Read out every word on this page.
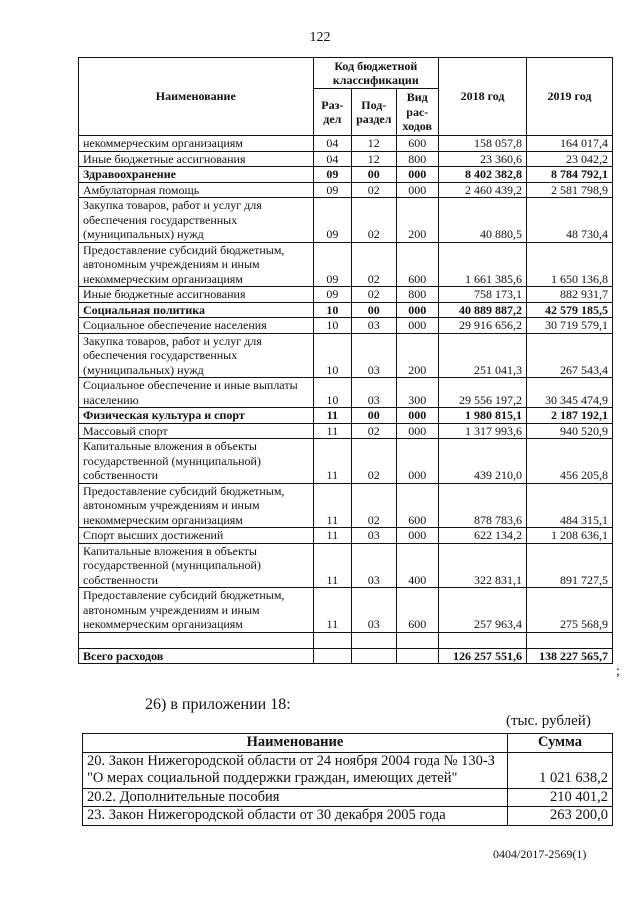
122
Наименование	Код бюджетной классификации			2018 год	2019 год
	Раз-дел	Под-раздел	Вид рас-ходов		
некоммерческим организациям	04	12	600	158 057,8	164 017,4
Иные бюджетные ассигнования	04	12	800	23 360,6	23 042,2
Здравоохранение	09	00	000	8 402 382,8	8 784 792,1
Амбулаторная помощь	09	02	000	2 460 439,2	2 581 798,9
Закупка товаров, работ и услуг для обеспечения государственных (муниципальных) нужд	09	02	200	40 880,5	48 730,4
Предоставление субсидий бюджетным, автономным учреждениям и иным некоммерческим организациям	09	02	600	1 661 385,6	1 650 136,8
Иные бюджетные ассигнования	09	02	800	758 173,1	882 931,7
Социальная политика	10	00	000	40 889 887,2	42 579 185,5
Социальное обеспечение населения	10	03	000	29 916 656,2	30 719 579,1
Закупка товаров, работ и услуг для обеспечения государственных (муниципальных) нужд	10	03	200	251 041,3	267 543,4
Социальное обеспечение и иные выплаты населению	10	03	300	29 556 197,2	30 345 474,9
Физическая культура и спорт	11	00	000	1 980 815,1	2 187 192,1
Массовый спорт	11	02	000	1 317 993,6	940 520,9
Капитальные вложения в объекты государственной (муниципальной) собственности	11	02	000	439 210,0	456 205,8
Предоставление субсидий бюджетным, автономным учреждениям и иным некоммерческим организациям	11	02	600	878 783,6	484 315,1
Спорт высших достижений	11	03	000	622 134,2	1 208 636,1
Капитальные вложения в объекты государственной (муниципальной) собственности	11	03	400	322 831,1	891 727,5
Предоставление субсидий бюджетным, автономным учреждениям и иным некоммерческим организациям	11	03	600	257 963,4	275 568,9

Всего расходов				126 257 551,6	138 227 565,7
;
26) в приложении 18:
(тыс. рублей)
Наименование	Сумма
20. Закон Нижегородской области от 24 ноября 2004 года № 130-З "О мерах социальной поддержки граждан, имеющих детей"	1 021 638,2
20.2. Дополнительные пособия	210 401,2
23. Закон Нижегородской области от 30 декабря 2005 года	263 200,0
0404/2017-2569(1)
